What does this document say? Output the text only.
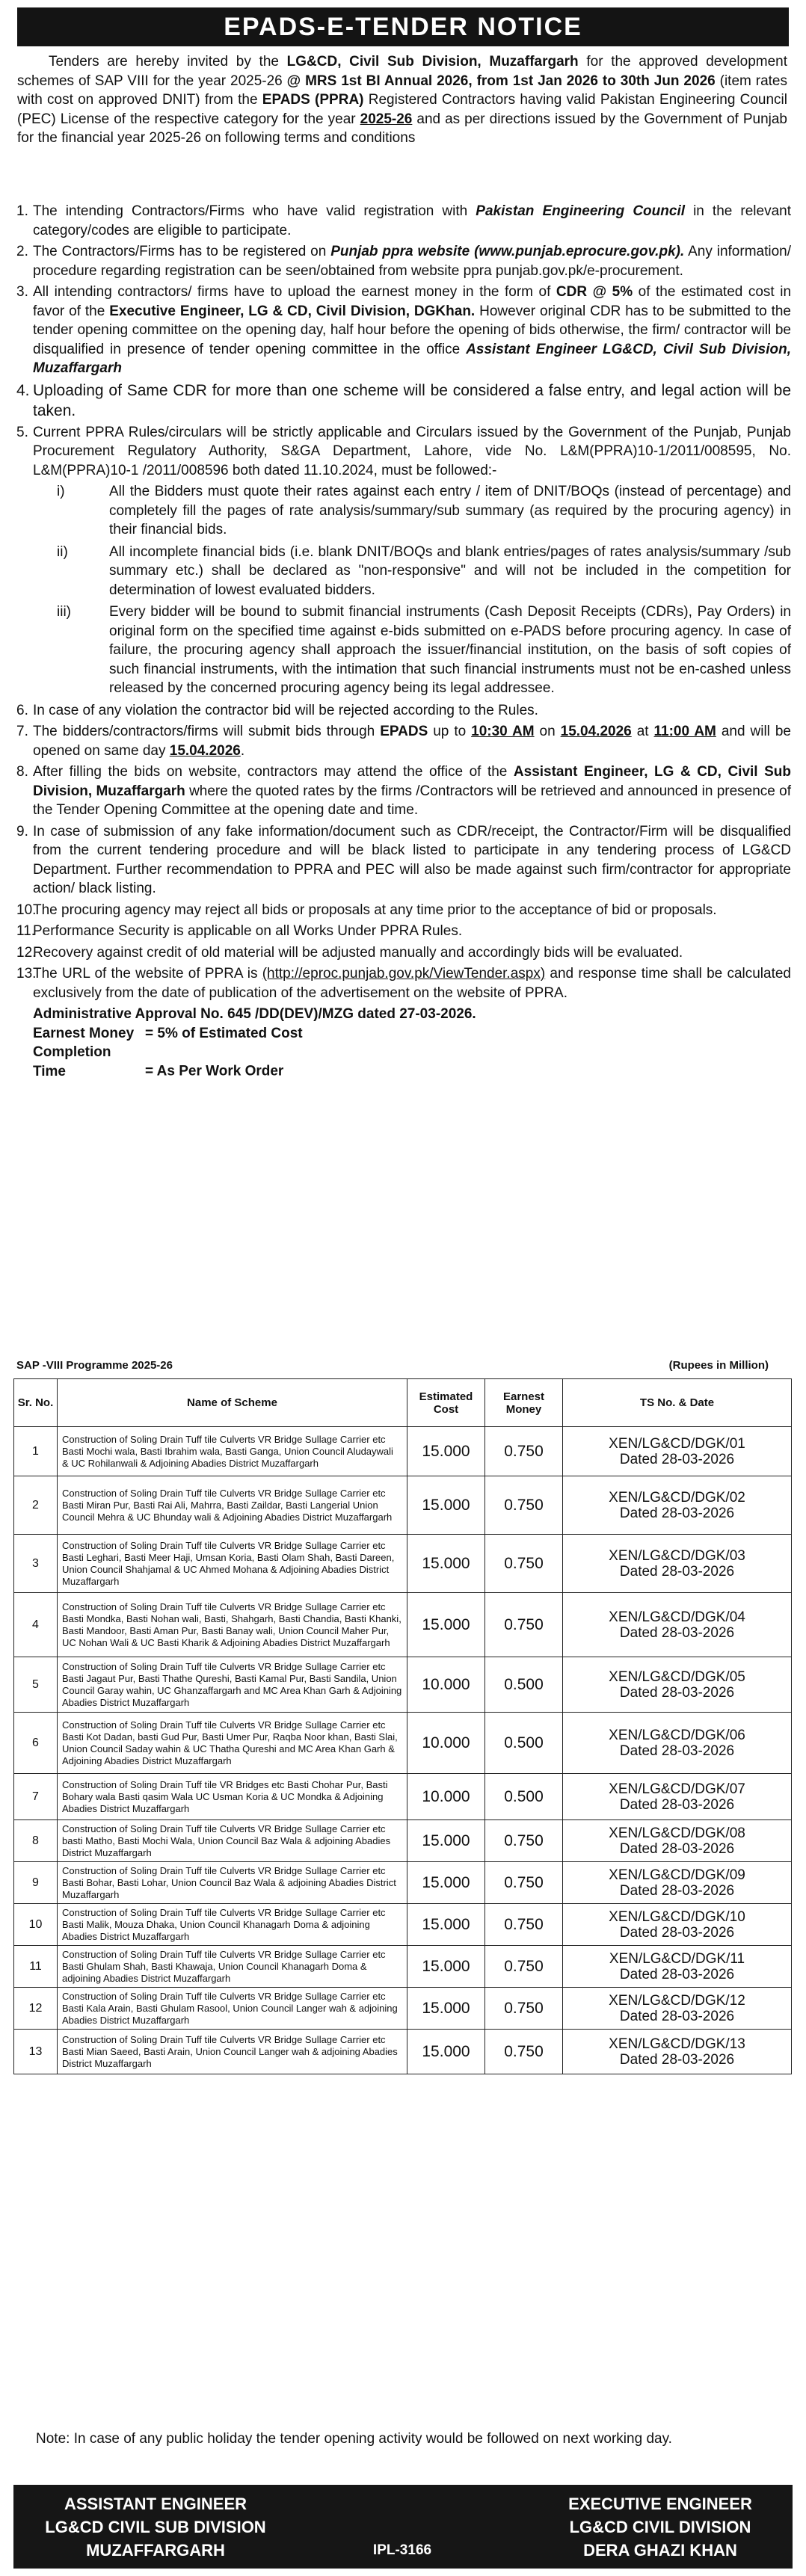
EPADS-E-TENDER NOTICE
Tenders are hereby invited by the LG&CD, Civil Sub Division, Muzaffargarh for the approved development schemes of SAP VIII for the year 2025-26 @ MRS 1st BI Annual 2026, from 1st Jan 2026 to 30th Jun 2026 (item rates with cost on approved DNIT) from the EPADS (PPRA) Registered Contractors having valid Pakistan Engineering Council (PEC) License of the respective category for the year 2025-26 and as per directions issued by the Government of Punjab for the financial year 2025-26 on following terms and conditions
1. The intending Contractors/Firms who have valid registration with Pakistan Engineering Council in the relevant category/codes are eligible to participate.
2. The Contractors/Firms has to be registered on Punjab ppra website (www.punjab.eprocure.gov.pk). Any information/ procedure regarding registration can be seen/obtained from website ppra punjab.gov.pk/e-procurement.
3. All intending contractors/ firms have to upload the earnest money in the form of CDR @ 5% of the estimated cost in favor of the Executive Engineer, LG & CD, Civil Division, DGKhan. However original CDR has to be submitted to the tender opening committee on the opening day, half hour before the opening of bids otherwise, the firm/ contractor will be disqualified in presence of tender opening committee in the office Assistant Engineer LG&CD, Civil Sub Division, Muzaffargarh
4. Uploading of Same CDR for more than one scheme will be considered a false entry, and legal action will be taken.
5. Current PPRA Rules/circulars will be strictly applicable and Circulars issued by the Government of the Punjab, Punjab Procurement Regulatory Authority, S&GA Department, Lahore, vide No. L&M(PPRA)10-1/2011/008595, No. L&M(PPRA)10-1 /2011/008596 both dated 11.10.2024, must be followed:-
i)	All the Bidders must quote their rates against each entry / item of DNIT/BOQs (instead of percentage) and completely fill the pages of rate analysis/summary/sub summary (as required by the procuring agency) in their financial bids.
ii)	All incomplete financial bids (i.e. blank DNIT/BOQs and blank entries/pages of rates analysis/summary /sub summary etc.) shall be declared as "non-responsive" and will not be included in the competition for determination of lowest evaluated bidders.
iii)	Every bidder will be bound to submit financial instruments (Cash Deposit Receipts (CDRs), Pay Orders) in original form on the specified time against e-bids submitted on e-PADS before procuring agency. In case of failure, the procuring agency shall approach the issuer/financial institution, on the basis of soft copies of such financial instruments, with the intimation that such financial instruments must not be en-cashed unless released by the concerned procuring agency being its legal addressee.
6. In case of any violation the contractor bid will be rejected according to the Rules.
7. The bidders/contractors/firms will submit bids through EPADS up to 10:30 AM on 15.04.2026 at 11:00 AM and will be opened on same day 15.04.2026.
8. After filling the bids on website, contractors may attend the office of the Assistant Engineer, LG & CD, Civil Sub Division, Muzaffargarh where the quoted rates by the firms /Contractors will be retrieved and announced in presence of the Tender Opening Committee at the opening date and time.
9. In case of submission of any fake information/document such as CDR/receipt, the Contractor/Firm will be disqualified from the current tendering procedure and will be black listed to participate in any tendering process of LG&CD Department. Further recommendation to PPRA and PEC will also be made against such firm/contractor for appropriate action/ black listing.
10.
The procuring agency may reject all bids or proposals at any time prior to the acceptance of bid or proposals.
11.
Performance Security is applicable on all Works Under PPRA Rules.
12.
Recovery against credit of old material will be adjusted manually and accordingly bids will be evaluated.
13.
The URL of the website of PPRA is (http://eproc.punjab.gov.pk/ViewTender.aspx) and response time shall be calculated exclusively from the date of publication of the advertisement on the website of PPRA.
Administrative Approval No. 645 /DD(DEV)/MZG dated 27-03-2026.
Earnest Money = 5% of Estimated Cost
Completion Time	= As Per Work Order
SAP -VIII Programme 2025-26	(Rupees in Million)
Sr. No.	Name of Scheme	Estimated Cost	Earnest Money	TS No. & Date
1	Construction of Soling Drain Tuff tile Culverts VR Bridge Sullage Carrier etc Basti Mochi wala, Basti Ibrahim wala, Basti Ganga, Union Council Aludaywali & UC Rohilanwali & Adjoining Abadies District Muzaffargarh	15.000	0.750	XEN/LG&CD/DGK/01
Dated 28-03-2026

2	Construction of Soling Drain Tuff tile Culverts VR Bridge Sullage Carrier etc Basti Miran Pur, Basti Rai Ali, Mahrra, Basti Zaildar, Basti Langerial Union Council Mehra & UC Bhunday wali & Adjoining Abadies District Muzaffargarh	15.000	0.750	XEN/LG&CD/DGK/02
Dated 28-03-2026

3	Construction of Soling Drain Tuff tile Culverts VR Bridge Sullage Carrier etc Basti Leghari, Basti Meer Haji, Umsan Koria, Basti Olam Shah, Basti Dareen, Union Council Shahjamal & UC Ahmed Mohana & Adjoining Abadies District Muzaffargarh	15.000	0.750	XEN/LG&CD/DGK/03
Dated 28-03-2026

4	Construction of Soling Drain Tuff tile Culverts VR Bridge Sullage Carrier etc Basti Mondka, Basti Nohan wali, Basti, Shahgarh, Basti Chandia, Basti Khanki, Basti Mandoor, Basti Aman Pur, Basti Banay wali, Union Council Maher Pur, UC Nohan Wali & UC Basti Kharik & Adjoining Abadies District Muzaffargarh	15.000	0.750	XEN/LG&CD/DGK/04
Dated 28-03-2026

5	Construction of Soling Drain Tuff tile Culverts VR Bridge Sullage Carrier etc Basti Jagaut Pur, Basti Thathe Qureshi, Basti Kamal Pur, Basti Sandila, Union Council Garay wahin, UC Ghanzaffargarh and MC Area Khan Garh & Adjoining Abadies District Muzaffargarh	10.000	0.500	XEN/LG&CD/DGK/05
Dated 28-03-2026

6	Construction of Soling Drain Tuff tile Culverts VR Bridge Sullage Carrier etc Basti Kot Dadan, basti Gud Pur, Basti Umer Pur, Raqba Noor khan, Basti Slai, Union Council Saday wahin & UC Thatha Qureshi and MC Area Khan Garh & Adjoining Abadies District Muzaffargarh	10.000	0.500	XEN/LG&CD/DGK/06
Dated 28-03-2026

7	Construction of Soling Drain Tuff tile VR Bridges etc Basti Chohar Pur, Basti Bohary wala Basti qasim Wala UC Usman Koria & UC Mondka & Adjoining Abadies District Muzaffargarh	10.000	0.500	XEN/LG&CD/DGK/07
Dated 28-03-2026

8	Construction of Soling Drain Tuff tile Culverts VR Bridge Sullage Carrier etc basti Matho, Basti Mochi Wala, Union Council Baz Wala & adjoining Abadies District Muzaffargarh	15.000	0.750	XEN/LG&CD/DGK/08
Dated 28-03-2026

9	Construction of Soling Drain Tuff tile Culverts VR Bridge Sullage Carrier etc Basti Bohar, Basti Lohar, Union Council Baz Wala & adjoining Abadies District Muzaffargarh	15.000	0.750	XEN/LG&CD/DGK/09
Dated 28-03-2026

10	Construction of Soling Drain Tuff tile Culverts VR Bridge Sullage Carrier etc Basti Malik, Mouza Dhaka, Union Council Khanagarh Doma & adjoining Abadies District Muzaffargarh	15.000	0.750	XEN/LG&CD/DGK/10
Dated 28-03-2026

11	Construction of Soling Drain Tuff tile Culverts VR Bridge Sullage Carrier etc Basti Ghulam Shah, Basti Khawaja, Union Council Khanagarh Doma & adjoining Abadies District Muzaffargarh	15.000	0.750	XEN/LG&CD/DGK/11
Dated 28-03-2026

12	Construction of Soling Drain Tuff tile Culverts VR Bridge Sullage Carrier etc Basti Kala Arain, Basti Ghulam Rasool, Union Council Langer wah & adjoining Abadies District Muzaffargarh	15.000	0.750	XEN/LG&CD/DGK/12
Dated 28-03-2026

13	Construction of Soling Drain Tuff tile Culverts VR Bridge Sullage Carrier etc Basti Mian Saeed, Basti Arain, Union Council Langer wah & adjoining Abadies District Muzaffargarh	15.000	0.750	XEN/LG&CD/DGK/13
Dated 28-03-2026
Note: In case of any public holiday the tender opening activity would be followed on next working day.
ASSISTANT ENGINEER
LG&CD CIVIL SUB DIVISION
MUZAFFARGARH	IPL-3166
EXECUTIVE ENGINEER
LG&CD CIVIL DIVISION
DERA GHAZI KHAN
